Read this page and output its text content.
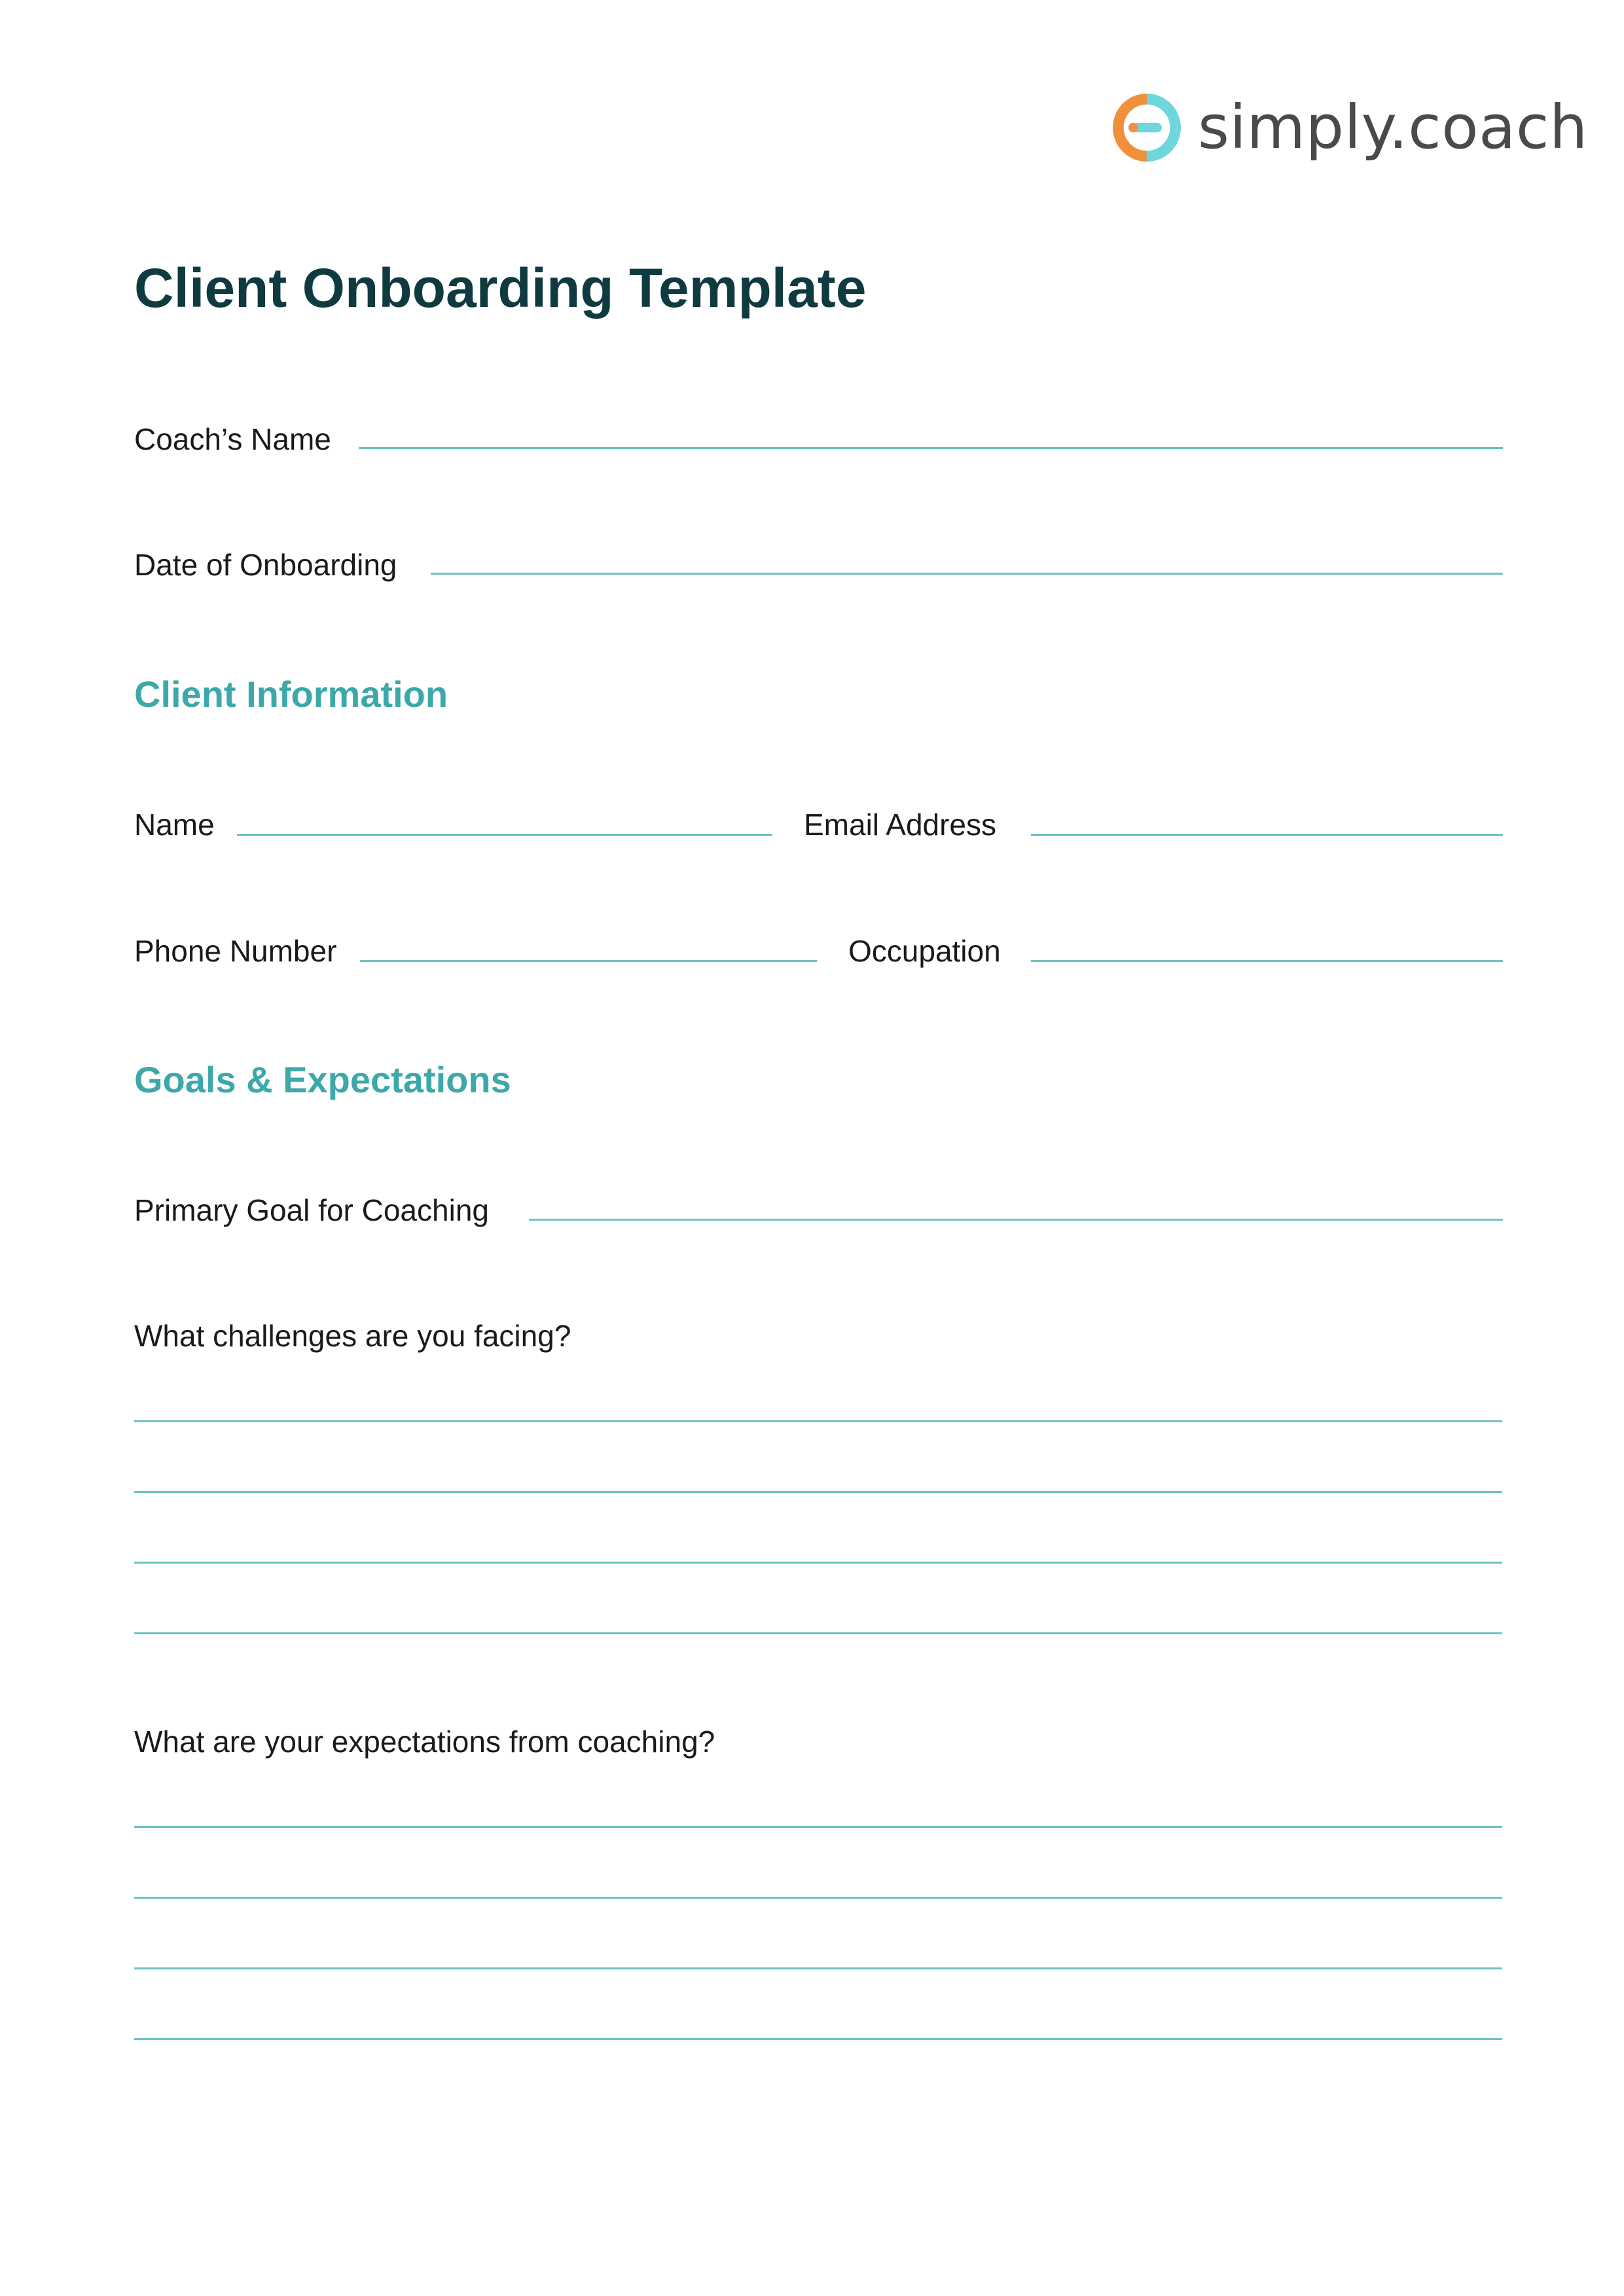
simply.coach
Client Onboarding Template
Coach’s Name
Date of Onboarding
Client Information
Name	Email Address
Phone Number	Occupation
Goals & Expectations
Primary Goal for Coaching
What challenges are you facing?
What are your expectations from coaching?
